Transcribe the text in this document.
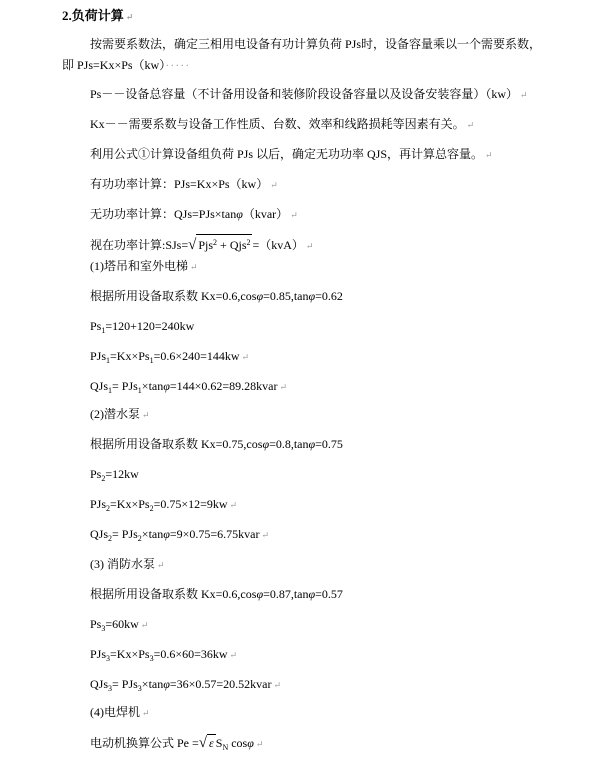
2.负荷计算 ↵
按需要系数法，确定三相用电设备有功计算负荷 PJs时，设备容量乘以一个需要系数，
即 PJs=Kx×Ps（kw）·····
Ps－－设备总容量（不计备用设备和装修阶段设备容量以及设备安装容量）（kw） ↵
Kx－－需要系数与设备工作性质、台数、效率和线路损耗等因素有关。 ↵
利用公式①计算设备组负荷 PJs 以后，确定无功功率 QJS，再计算总容量。 ↵
有功功率计算：PJs=Kx×Ps（kw） ↵
无功功率计算：QJs=PJs×tanφ（kvar） ↵
视在功率计算:SJs=√ Pjs$^2$ + Qjs$^2$ =（kvA） ↵
(1)塔吊和室外电梯 ↵
根据所用设备取系数 Kx=0.6,cosφ=0.85,tanφ=0.62
$Ps_1=120+120=240kw$
$PJs_1=Kx\times Ps_1=0.6\times 240=144kw$ ↵
QJs$_1$= PJs$_1$×tanφ=144×0.62=89.28kvar ↵
(2)潜水泵 ↵
根据所用设备取系数 Kx=0.75,cosφ=0.8,tanφ=0.75
$Ps_2=12kw$
$PJs_2=Kx\times Ps_2=0.75\times 12=9kw$ ↵
QJs$_2$= PJs$_2$×tanφ=9×0.75=6.75kvar ↵
(3) 消防水泵 ↵
根据所用设备取系数 Kx=0.6,cosφ=0.87,tanφ=0.57
$Ps_3=60kw$ ↵
$PJs_3=Kx\times Ps_3=0.6\times 60=36kw$ ↵
QJs$_3$= PJs$_3$×tanφ=36×0.57=20.52kvar ↵
(4)电焊机 ↵
电动机换算公式 Pe =√ ε $S_N$ cosφ ↵
